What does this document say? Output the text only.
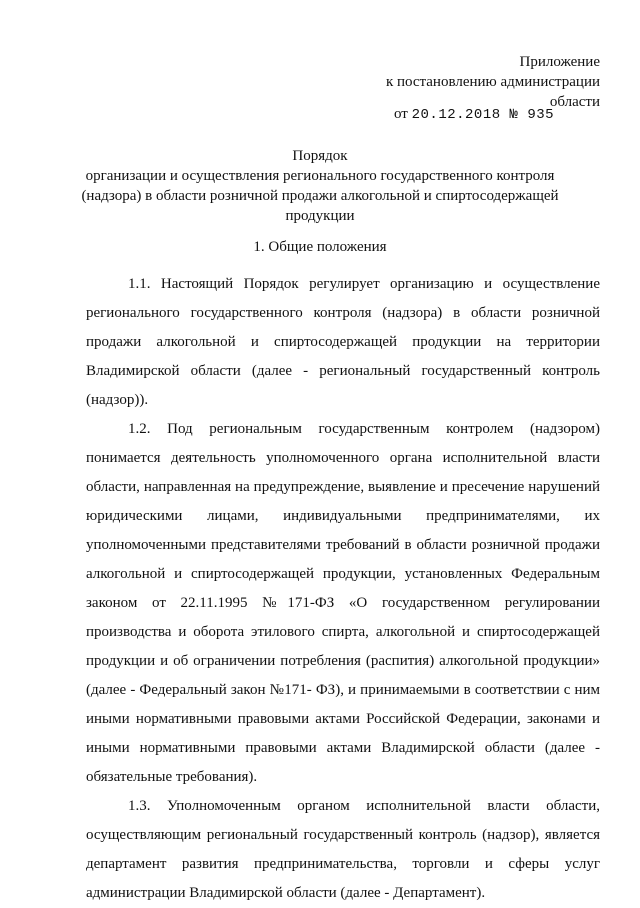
Приложение
к постановлению администрации
области
от 20.12.2018 № 935
Порядок
организации и осуществления регионального государственного контроля
(надзора) в области розничной продажи алкогольной и спиртосодержащей
продукции
1. Общие положения

1.1. Настоящий Порядок регулирует организацию и осуществление регионального государственного контроля (надзора) в области розничной продажи алкогольной и спиртосодержащей продукции на территории Владимирской области (далее - региональный государственный контроль (надзор)).

1.2. Под региональным государственным контролем (надзором) понимается деятельность уполномоченного органа исполнительной власти области, направленная на предупреждение, выявление и пресечение нарушений юридическими лицами, индивидуальными предпринимателями, их уполномоченными представителями требований в области розничной продажи алкогольной и спиртосодержащей продукции, установленных Федеральным законом от 22.11.1995 №171-ФЗ «О государственном регулировании производства и оборота этилового спирта, алкогольной и спиртосодержащей продукции и об ограничении потребления (распития) алкогольной продукции» (далее - Федеральный закон №171- ФЗ), и принимаемыми в соответствии с ним иными нормативными правовыми актами Российской Федерации, законами и иными нормативными правовыми актами Владимирской области (далее - обязательные требования).

1.3. Уполномоченным органом исполнительной власти области, осуществляющим региональный государственный контроль (надзор), является департамент развития предпринимательства, торговли и сферы услуг администрации Владимирской области (далее - Департамент).
